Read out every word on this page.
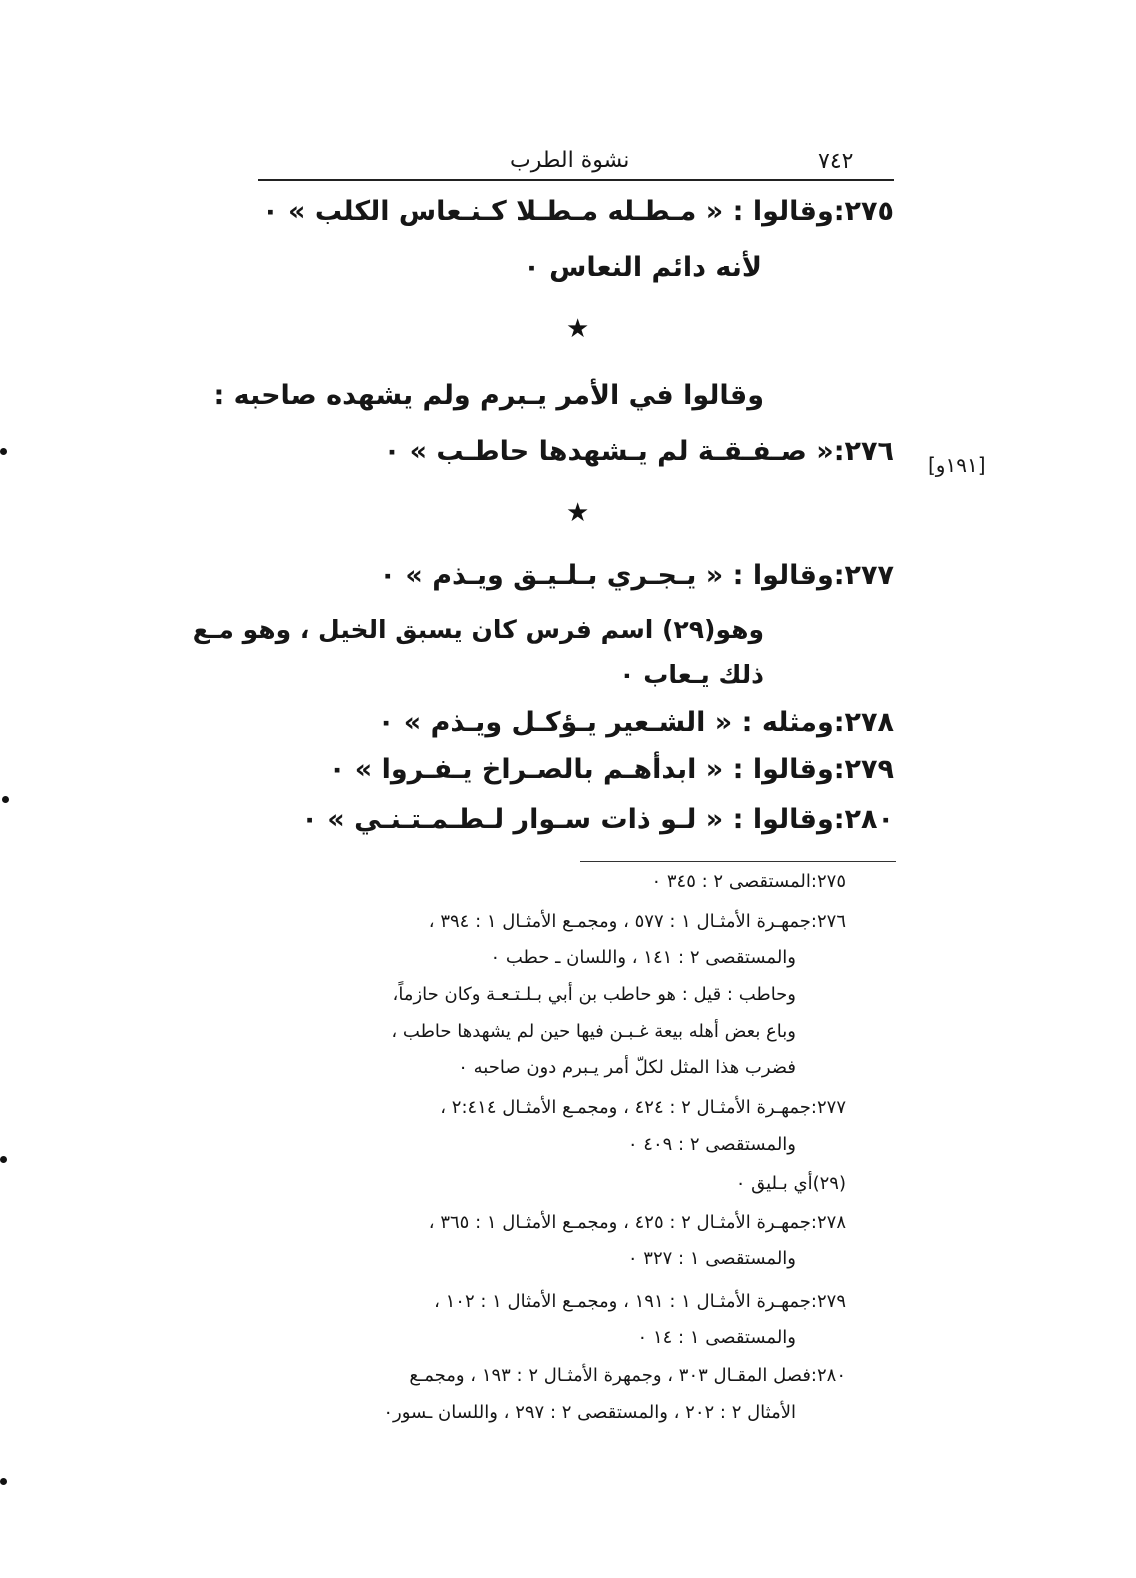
٧٤٢
نشوة الطرب
٢٧٥:وقالوا : « مـطـله مـطـلا كـنـعاس الكلب » ٠
لأنه دائم النعاس ٠
★
وقالوا في الأمر يـبرم ولم يشهده صاحبه :
[١٩١و]
٢٧٦:« صـفـقـة لم يـشهدها حاطـب » ٠
★
٢٧٧:وقالوا : « يـجـري بـلـيـق ويـذم » ٠
وهو(٢٩) اسم فرس كان يسبق الخيل ، وهو مـع
ذلك يـعاب ٠
٢٧٨:ومثله : « الشـعير يـؤكـل ويـذم » ٠
٢٧٩:وقالوا : « ابدأهـم بالصـراخ يـفـروا » ٠
٢٨٠:وقالوا : « لـو ذات سـوار لـطـمـتـنـي » ٠
٢٧٥:المستقصى ٢ : ٣٤٥ ٠
٢٧٦:جمهـرة الأمثـال ١ : ٥٧٧ ، ومجمـع الأمثـال ١ : ٣٩٤ ،
والمستقصى ٢ : ١٤١ ، واللسان ـ حطب ٠
وحاطب : قيل : هو حاطب بن أبي بـلـتـعـة وكان حازماً،
وباع بعض أهله بيعة غـبـن فيها حين لم يشهدها حاطب ،
فضرب هذا المثل لكلّ أمر يـبرم دون صاحبه ٠
٢٧٧:جمهـرة الأمثـال ٢ : ٤٢٤ ، ومجمـع الأمثـال ٢:٤١٤ ،
والمستقصى ٢ : ٤٠٩ ٠
(٢٩)أي بـليق ٠
٢٧٨:جمهـرة الأمثـال ٢ : ٤٢٥ ، ومجمـع الأمثـال ١ : ٣٦٥ ،
والمستقصى ١ : ٣٢٧ ٠
٢٧٩:جمهـرة الأمثـال ١ : ١٩١ ، ومجمـع الأمثال ١ : ١٠٢ ،
والمستقصى ١ : ١٤ ٠
٢٨٠:فصل المقـال ٣٠٣ ، وجمهرة الأمثـال ٢ : ١٩٣ ، ومجمـع
الأمثال ٢ : ٢٠٢ ، والمستقصى ٢ : ٢٩٧ ، واللسان ـسور٠
